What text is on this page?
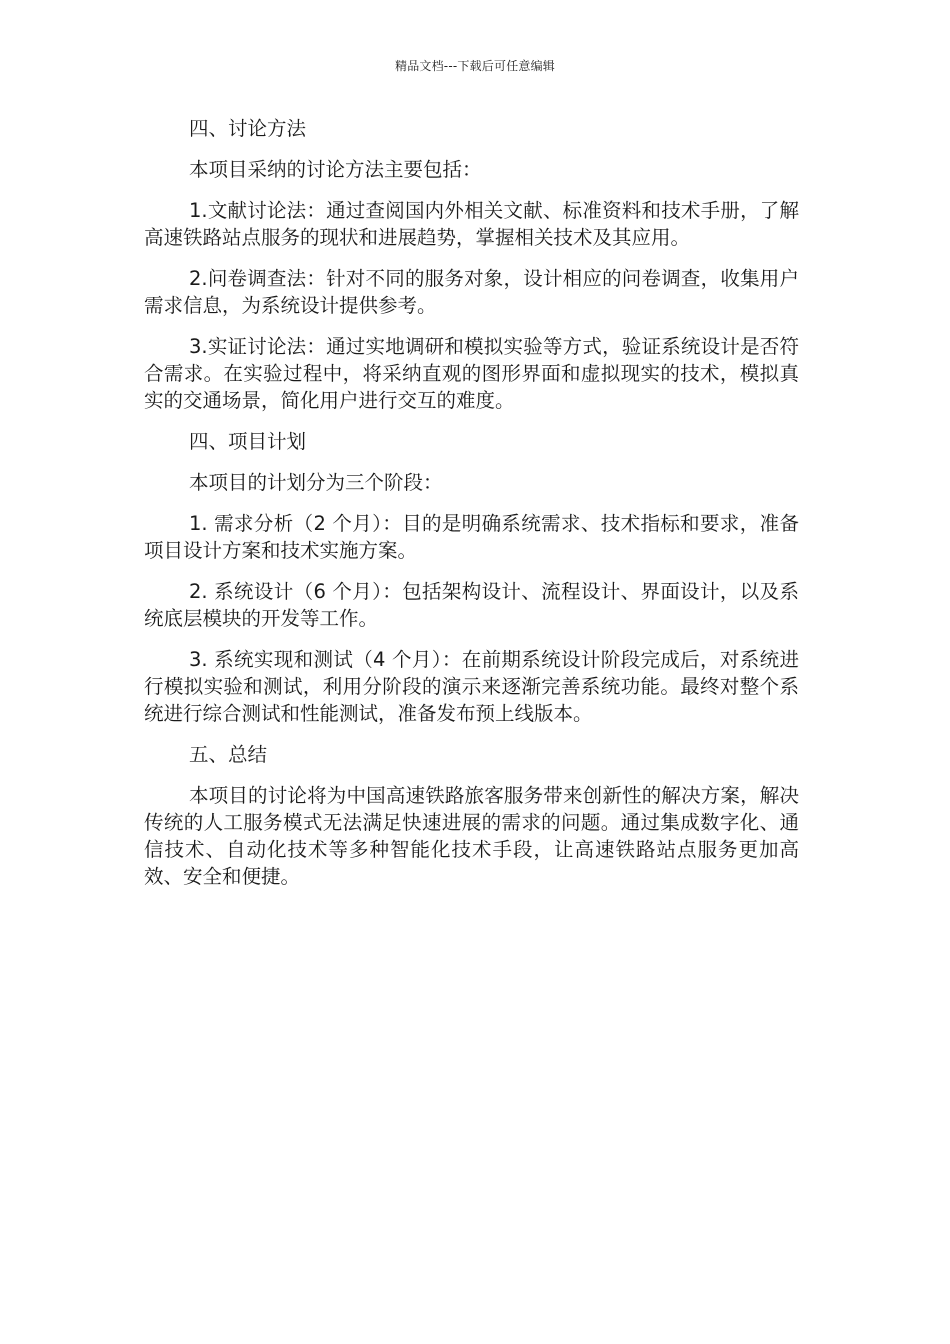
精品文档---下载后可任意编辑

四、讨论方法

本项目采纳的讨论方法主要包括：

1.文献讨论法：通过查阅国内外相关文献、标准资料和技术手册，了解高速铁路站点服务的现状和进展趋势，掌握相关技术及其应用。

2.问卷调查法：针对不同的服务对象，设计相应的问卷调查，收集用户需求信息，为系统设计提供参考。

3.实证讨论法：通过实地调研和模拟实验等方式，验证系统设计是否符合需求。在实验过程中，将采纳直观的图形界面和虚拟现实的技术，模拟真实的交通场景，简化用户进行交互的难度。

四、项目计划

本项目的计划分为三个阶段：

1. 需求分析（2 个月）：目的是明确系统需求、技术指标和要求，准备项目设计方案和技术实施方案。

2. 系统设计（6 个月）：包括架构设计、流程设计、界面设计，以及系统底层模块的开发等工作。

3. 系统实现和测试（4 个月）：在前期系统设计阶段完成后，对系统进行模拟实验和测试，利用分阶段的演示来逐渐完善系统功能。最终对整个系统进行综合测试和性能测试，准备发布预上线版本。

五、总结

本项目的讨论将为中国高速铁路旅客服务带来创新性的解决方案，解决传统的人工服务模式无法满足快速进展的需求的问题。通过集成数字化、通信技术、自动化技术等多种智能化技术手段，让高速铁路站点服务更加高效、安全和便捷。
